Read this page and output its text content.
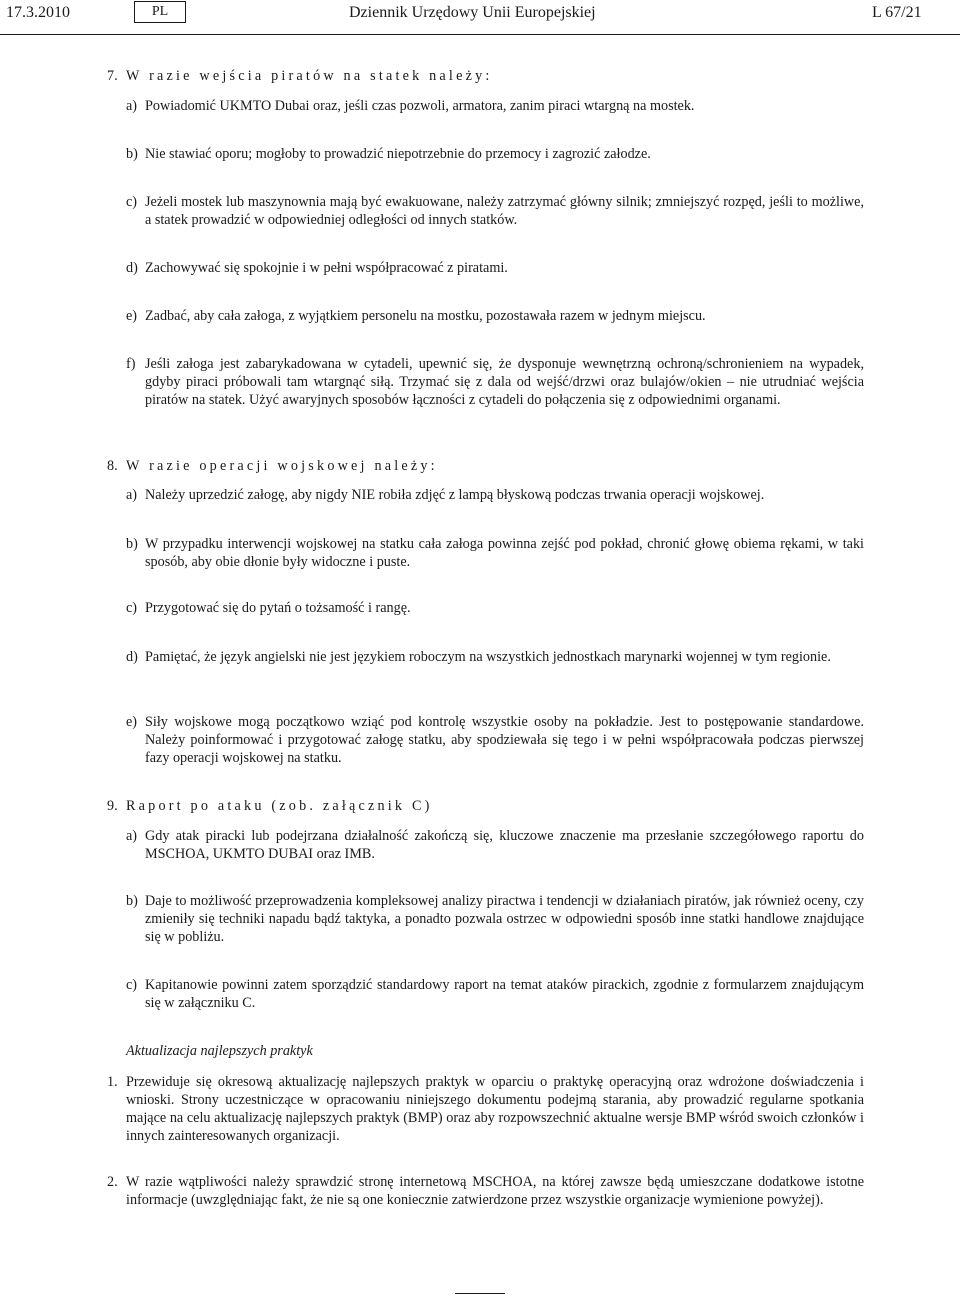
17.3.2010	PL	Dziennik Urzędowy Unii Europejskiej	L 67/21
7. W razie wejścia piratów na statek należy:
a) Powiadomić UKMTO Dubai oraz, jeśli czas pozwoli, armatora, zanim piraci wtargną na mostek.
b) Nie stawiać oporu; mogłoby to prowadzić niepotrzebnie do przemocy i zagrozić załodze.
c) Jeżeli mostek lub maszynownia mają być ewakuowane, należy zatrzymać główny silnik; zmniejszyć rozpęd, jeśli to możliwe, a statek prowadzić w odpowiedniej odległości od innych statków.
d) Zachowywać się spokojnie i w pełni współpracować z piratami.
e) Zadbać, aby cała załoga, z wyjątkiem personelu na mostku, pozostawała razem w jednym miejscu.
f) Jeśli załoga jest zabarykadowana w cytadeli, upewnić się, że dysponuje wewnętrzną ochroną/schronieniem na wypadek, gdyby piraci próbowali tam wtargnąć siłą. Trzymać się z dala od wejść/drzwi oraz bulajów/okien – nie utrudniać wejścia piratów na statek. Użyć awaryjnych sposobów łączności z cytadeli do połączenia się z odpowiednimi organami.
8. W razie operacji wojskowej należy:
a) Należy uprzedzić załogę, aby nigdy NIE robiła zdjęć z lampą błyskową podczas trwania operacji wojskowej.
b) W przypadku interwencji wojskowej na statku cała załoga powinna zejść pod pokład, chronić głowę obiema rękami, w taki sposób, aby obie dłonie były widoczne i puste.
c) Przygotować się do pytań o tożsamość i rangę.
d) Pamiętać, że język angielski nie jest językiem roboczym na wszystkich jednostkach marynarki wojennej w tym regionie.
e) Siły wojskowe mogą początkowo wziąć pod kontrolę wszystkie osoby na pokładzie. Jest to postępowanie standardowe. Należy poinformować i przygotować załogę statku, aby spodziewała się tego i w pełni współpracowała podczas pierwszej fazy operacji wojskowej na statku.
9. Raport po ataku (zob. załącznik C)
a) Gdy atak piracki lub podejrzana działalność zakończą się, kluczowe znaczenie ma przesłanie szczegółowego raportu do MSCHOA, UKMTO DUBAI oraz IMB.
b) Daje to możliwość przeprowadzenia kompleksowej analizy piractwa i tendencji w działaniach piratów, jak również oceny, czy zmieniły się techniki napadu bądź taktyka, a ponadto pozwala ostrzec w odpowiedni sposób inne statki handlowe znajdujące się w pobliżu.
c) Kapitanowie powinni zatem sporządzić standardowy raport na temat ataków pirackich, zgodnie z formularzem znajdującym się w załączniku C.
Aktualizacja najlepszych praktyk
1. Przewiduje się okresową aktualizację najlepszych praktyk w oparciu o praktykę operacyjną oraz wdrożone doświadczenia i wnioski. Strony uczestniczące w opracowaniu niniejszego dokumentu podejmą starania, aby prowadzić regularne spotkania mające na celu aktualizację najlepszych praktyk (BMP) oraz aby rozpowszechnić aktualne wersje BMP wśród swoich członków i innych zainteresowanych organizacji.
2. W razie wątpliwości należy sprawdzić stronę internetową MSCHOA, na której zawsze będą umieszczane dodatkowe istotne informacje (uwzględniając fakt, że nie są one koniecznie zatwierdzone przez wszystkie organizacje wymienione powyżej).
